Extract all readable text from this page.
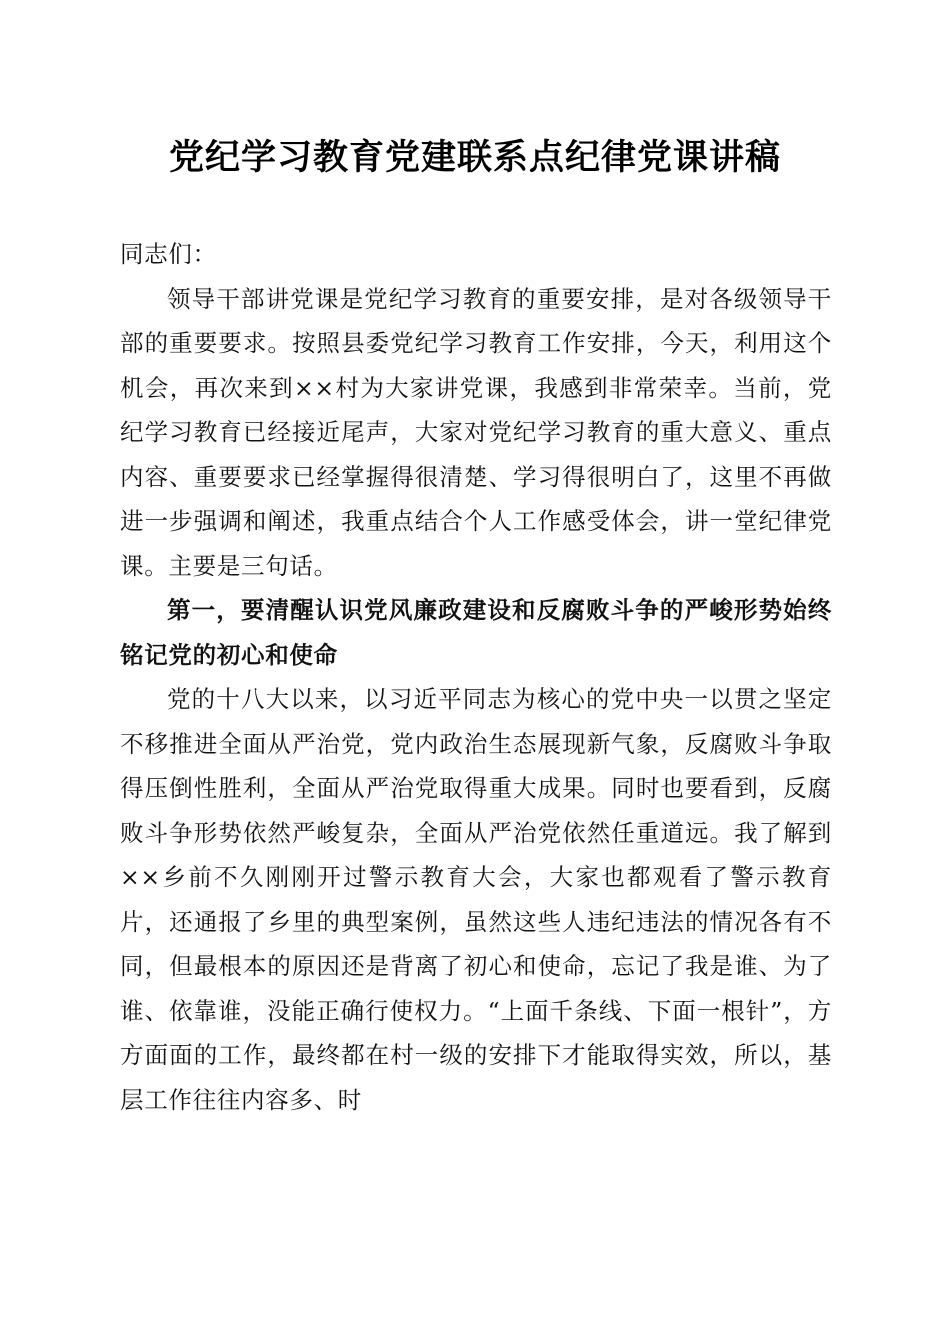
党纪学习教育党建联系点纪律党课讲稿

同志们：

领导干部讲党课是党纪学习教育的重要安排，是对各级领导干部的重要要求。按照县委党纪学习教育工作安排，今天，利用这个机会，再次来到××村为大家讲党课，我感到非常荣幸。当前，党纪学习教育已经接近尾声，大家对党纪学习教育的重大意义、重点内容、重要要求已经掌握得很清楚、学习得很明白了，这里不再做进一步强调和阐述，我重点结合个人工作感受体会，讲一堂纪律党课。主要是三句话。

第一，要清醒认识党风廉政建设和反腐败斗争的严峻形势始终铭记党的初心和使命

党的十八大以来，以习近平同志为核心的党中央一以贯之坚定不移推进全面从严治党，党内政治生态展现新气象，反腐败斗争取得压倒性胜利，全面从严治党取得重大成果。同时也要看到，反腐败斗争形势依然严峻复杂，全面从严治党依然任重道远。我了解到××乡前不久刚刚开过警示教育大会，大家也都观看了警示教育片，还通报了乡里的典型案例，虽然这些人违纪违法的情况各有不同，但最根本的原因还是背离了初心和使命，忘记了我是谁、为了谁、依靠谁，没能正确行使权力。“上面千条线、下面一根针”，方方面面的工作，最终都在村一级的安排下才能取得实效，所以，基层工作往往内容多、时
